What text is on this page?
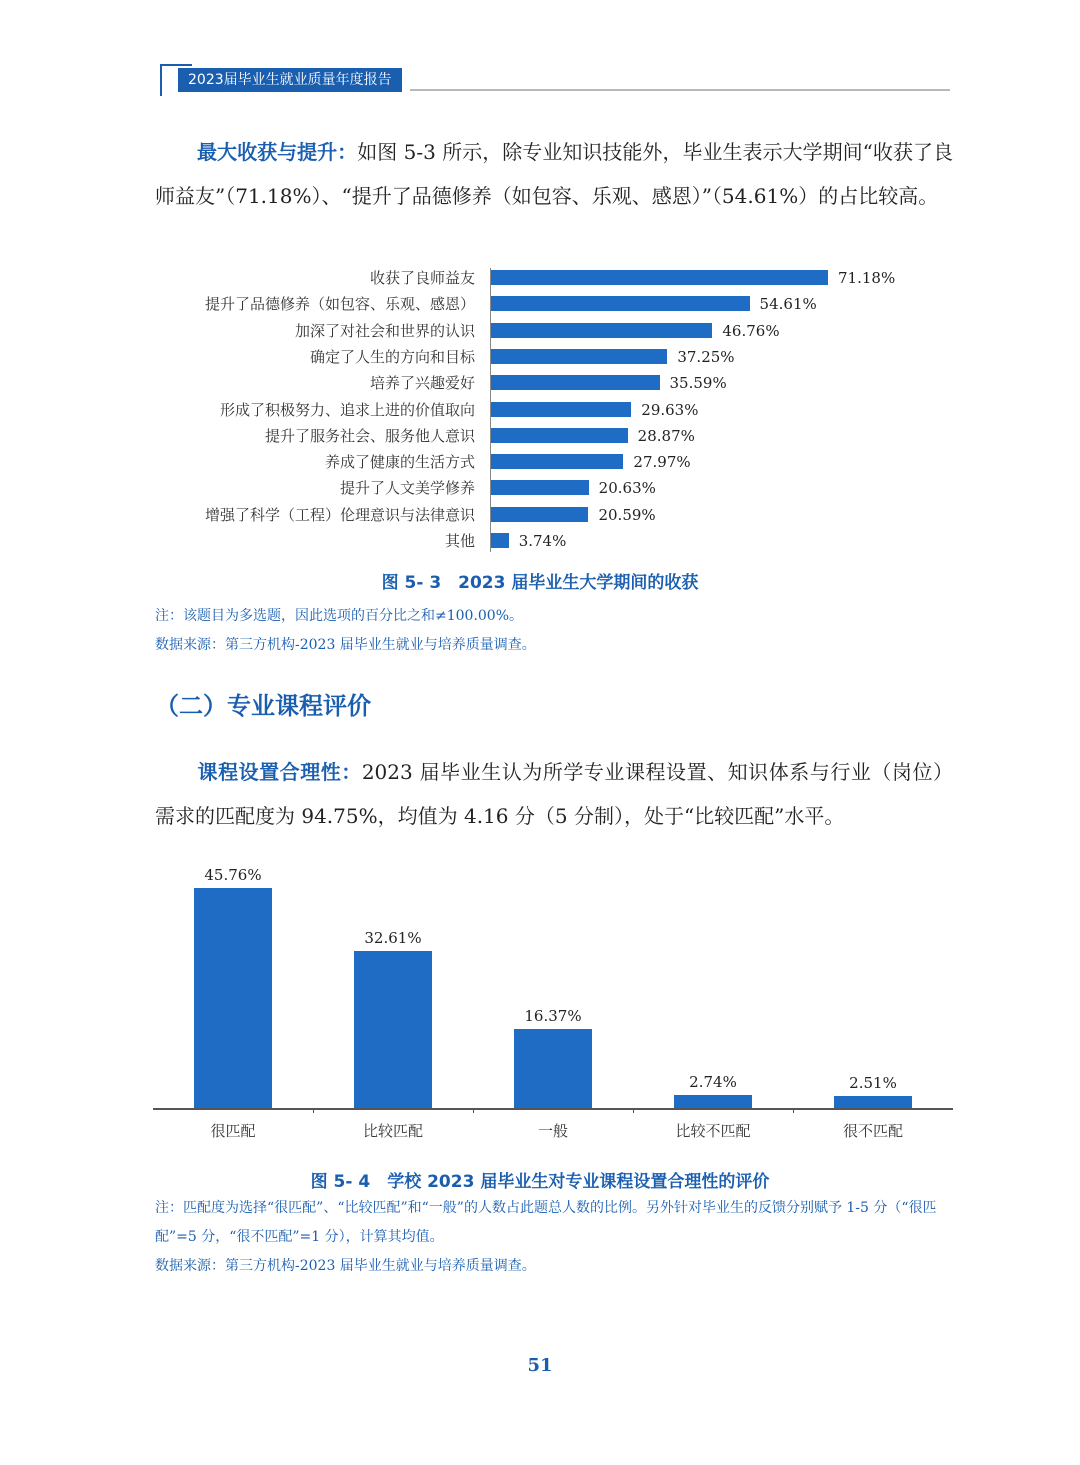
2023届毕业生就业质量年度报告
最大收获与提升：如图 5-3 所示，除专业知识技能外，毕业生表示大学期间“收获了良师益友”（71.18%）、“提升了品德修养（如包容、乐观、感恩）”（54.61%）的占比较高。
收获了良师益友	71.18%
提升了品德修养（如包容、乐观、感恩）	54.61%
加深了对社会和世界的认识	46.76%
确定了人生的方向和目标	37.25%
培养了兴趣爱好	35.59%
形成了积极努力、追求上进的价值取向	29.63%
提升了服务社会、服务他人意识	28.87%
养成了健康的生活方式	27.97%
提升了人文美学修养	20.63%
增强了科学（工程）伦理意识与法律意识	20.59%
其他	3.74%
图 5- 3　2023 届毕业生大学期间的收获
注：该题目为多选题，因此选项的百分比之和≠100.00%。
数据来源：第三方机构-2023 届毕业生就业与培养质量调查。
（二）专业课程评价
课程设置合理性：2023 届毕业生认为所学专业课程设置、知识体系与行业（岗位）需求的匹配度为 94.75%，均值为 4.16 分（5 分制），处于“比较匹配”水平。
45.76%
很匹配
32.61%
比较匹配
16.37%
一般
2.74%
比较不匹配
2.51%
很不匹配
图 5- 4　学校 2023 届毕业生对专业课程设置合理性的评价
注：匹配度为选择“很匹配”、“比较匹配”和“一般”的人数占此题总人数的比例。另外针对毕业生的反馈分别赋予 1-5 分（“很匹配”=5 分，“很不匹配”=1 分），计算其均值。
数据来源：第三方机构-2023 届毕业生就业与培养质量调查。
51
